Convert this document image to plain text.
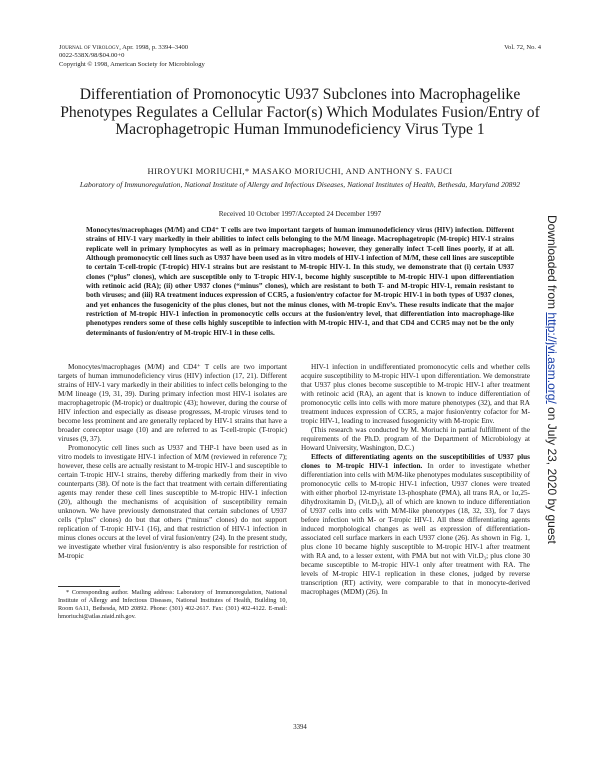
Journal of Virology, Apr. 1998, p. 3394–3400
0022-538X/98/$04.00+0
Copyright © 1998, American Society for Microbiology
Vol. 72, No. 4
Differentiation of Promonocytic U937 Subclones into Macrophagelike Phenotypes Regulates a Cellular Factor(s) Which Modulates Fusion/Entry of Macrophagetropic Human Immunodeficiency Virus Type 1
HIROYUKI MORIUCHI,* MASAKO MORIUCHI, AND ANTHONY S. FAUCI
Laboratory of Immunoregulation, National Institute of Allergy and Infectious Diseases, National Institutes of Health, Bethesda, Maryland 20892
Received 10 October 1997/Accepted 24 December 1997
Monocytes/macrophages (M/M) and CD4⁺ T cells are two important targets of human immunodeficiency virus (HIV) infection. Different strains of HIV-1 vary markedly in their abilities to infect cells belonging to the M/M lineage. Macrophagetropic (M-tropic) HIV-1 strains replicate well in primary lymphocytes as well as in primary macrophages; however, they generally infect T-cell lines poorly, if at all. Although promonocytic cell lines such as U937 have been used as in vitro models of HIV-1 infection of M/M, these cell lines are susceptible to certain T-cell-tropic (T-tropic) HIV-1 strains but are resistant to M-tropic HIV-1. In this study, we demonstrate that (i) certain U937 clones (“plus” clones), which are susceptible only to T-tropic HIV-1, become highly susceptible to M-tropic HIV-1 upon differentiation with retinoic acid (RA); (ii) other U937 clones (“minus” clones), which are resistant to both T- and M-tropic HIV-1, remain resistant to both viruses; and (iii) RA treatment induces expression of CCR5, a fusion/entry cofactor for M-tropic HIV-1 in both types of U937 clones, and yet enhances the fusogenicity of the plus clones, but not the minus clones, with M-tropic Env’s. These results indicate that the major restriction of M-tropic HIV-1 infection in promonocytic cells occurs at the fusion/entry level, that differentiation into macrophage-like phenotypes renders some of these cells highly susceptible to infection with M-tropic HIV-1, and that CD4 and CCR5 may not be the only determinants of fusion/entry of M-tropic HIV-1 in these cells.

Monocytes/macrophages (M/M) and CD4⁺ T cells are two important targets of human immunodeficiency virus (HIV) infection (17, 21). Different strains of HIV-1 vary markedly in their abilities to infect cells belonging to the M/M lineage (19, 31, 39). During primary infection most HIV-1 isolates are macrophagetropic (M-tropic) or dualtropic (43); however, during the course of HIV infection and especially as disease progresses, M-tropic viruses tend to become less prominent and are generally replaced by HIV-1 strains that have a broader coreceptor usage (10) and are referred to as T-cell-tropic (T-tropic) viruses (9, 37).

Promonocytic cell lines such as U937 and THP-1 have been used as in vitro models to investigate HIV-1 infection of M/M (reviewed in reference 7); however, these cells are actually resistant to M-tropic HIV-1 and susceptible to certain T-tropic HIV-1 strains, thereby differing markedly from their in vivo counterparts (38). Of note is the fact that treatment with certain differentiating agents may render these cell lines susceptible to M-tropic HIV-1 infection (20), although the mechanisms of acquisition of susceptibility remain unknown. We have previously demonstrated that certain subclones of U937 cells (“plus” clones) do but that others (“minus” clones) do not support replication of T-tropic HIV-1 (16), and that restriction of HIV-1 infection in minus clones occurs at the level of viral fusion/entry (24). In the present study, we investigate whether viral fusion/entry is also responsible for restriction of M-tropic

HIV-1 infection in undifferentiated promonocytic cells and whether cells acquire susceptibility to M-tropic HIV-1 upon differentiation. We demonstrate that U937 plus clones become susceptible to M-tropic HIV-1 after treatment with retinoic acid (RA), an agent that is known to induce differentiation of promonocytic cells into cells with more mature phenotypes (32), and that RA treatment induces expression of CCR5, a major fusion/entry cofactor for M-tropic HIV-1, leading to increased fusogenicity with M-tropic Env.

(This research was conducted by M. Moriuchi in partial fulfillment of the requirements of the Ph.D. program of the Department of Microbiology at Howard University, Washington, D.C.)

Effects of differentiating agents on the susceptibilities of U937 plus clones to M-tropic HIV-1 infection. In order to investigate whether differentiation into cells with M/M-like phenotypes modulates susceptibility of promonocytic cells to M-tropic HIV-1 infection, U937 clones were treated with either phorbol 12-myristate 13-phosphate (PMA), all trans RA, or 1α,25-dihydroxitamin D₃ (Vit.D₃), all of which are known to induce differentiation of U937 cells into cells with M/M-like phenotypes (18, 32, 33), for 7 days before infection with M- or T-tropic HIV-1. All these differentiating agents induced morphological changes as well as expression of differentiation-associated cell surface markers in each U937 clone (26). As shown in Fig. 1, plus clone 10 became highly susceptible to M-tropic HIV-1 after treatment with RA and, to a lesser extent, with PMA but not with Vit.D₃; plus clone 30 became susceptible to M-tropic HIV-1 only after treatment with RA. The levels of M-tropic HIV-1 replication in these clones, judged by reverse transcription (RT) activity, were comparable to that in monocyte-derived macrophages (MDM) (26). In

* Corresponding author. Mailing address: Laboratory of Immunoregulation, National Institute of Allergy and Infectious Diseases, National Institutes of Health, Building 10, Room 6A11, Bethesda, MD 20892. Phone: (301) 402-2617. Fax: (301) 402-4122. E-mail: hmoriuchi@atlas.niaid.nih.gov.
3394
Downloaded from http://jvi.asm.org/ on July 23, 2020 by guest
